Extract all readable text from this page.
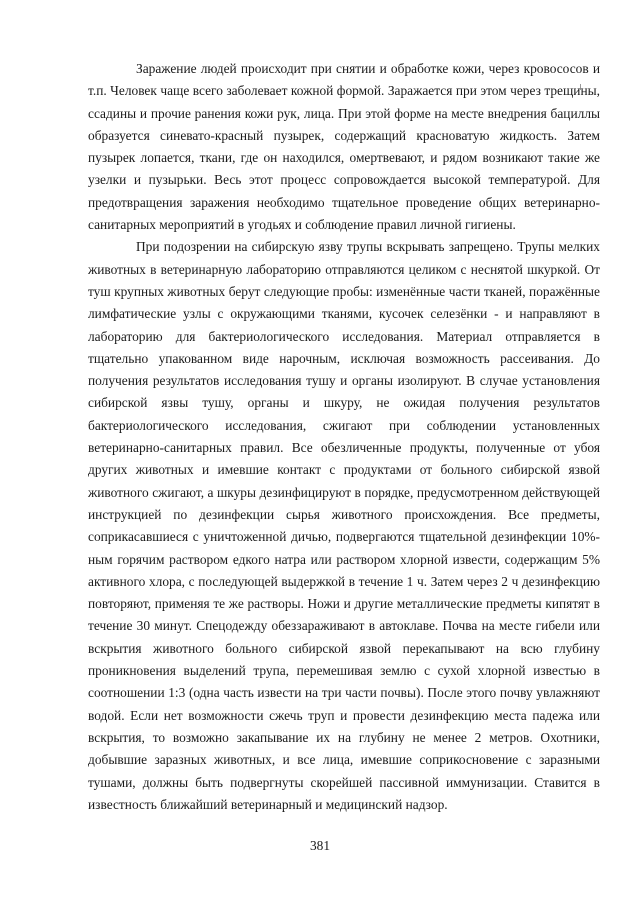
Заражение людей происходит при снятии и обработке кожи, через кровососов и т.п. Человек чаще всего заболевает кожной формой. Заражается при этом через трещины, ссадины и прочие ранения кожи рук, лица. При этой форме на месте внедрения бациллы образуется синевато-красный пузырек, содержащий красноватую жидкость. Затем пузырек лопается, ткани, где он находился, омертвевают, и рядом возникают такие же узелки и пузырьки. Весь этот процесс сопровождается высокой температурой. Для предотвращения заражения необходимо тщательное проведение общих ветеринарно-санитарных мероприятий в угодьях и соблюдение правил личной гигиены.

При подозрении на сибирскую язву трупы вскрывать запрещено. Трупы мелких животных в ветеринарную лабораторию отправляются целиком с неснятой шкуркой. От туш крупных животных берут следующие пробы: изменённые части тканей, поражённые лимфатические узлы с окружающими тканями, кусочек селезёнки - и направляют в лабораторию для бактериологического исследования. Материал отправляется в тщательно упакованном виде нарочным, исключая возможность рассеивания. До получения результатов исследования тушу и органы изолируют. В случае установления сибирской язвы тушу, органы и шкуру, не ожидая получения результатов бактериологического исследования, сжигают при соблюдении установленных ветеринарно-санитарных правил. Все обезличенные продукты, полученные от убоя других животных и имевшие контакт с продуктами от больного сибирской язвой животного сжигают, а шкуры дезинфицируют в порядке, предусмотренном действующей инструкцией по дезинфекции сырья животного происхождения. Все предметы, соприкасавшиеся с уничтоженной дичью, подвергаются тщательной дезинфекции 10%-ным горячим раствором едкого натра или раствором хлорной извести, содержащим 5% активного хлора, с последующей выдержкой в течение 1 ч. Затем через 2 ч дезинфекцию повторяют, применяя те же растворы. Ножи и другие металлические предметы кипятят в течение 30 минут. Спецодежду обеззараживают в автоклаве. Почва на месте гибели или вскрытия животного больного сибирской язвой перекапывают на всю глубину проникновения выделений трупа, перемешивая землю с сухой хлорной известью в соотношении 1:3 (одна часть извести на три части почвы). После этого почву увлажняют водой. Если нет возможности сжечь труп и провести дезинфекцию места падежа или вскрытия, то возможно закапывание их на глубину не менее 2 метров. Охотники, добывшие заразных животных, и все лица, имевшие соприкосновение с заразными тушами, должны быть подвергнуты скорейшей пассивной иммунизации. Ставится в известность ближайший ветеринарный и медицинский надзор.

381
